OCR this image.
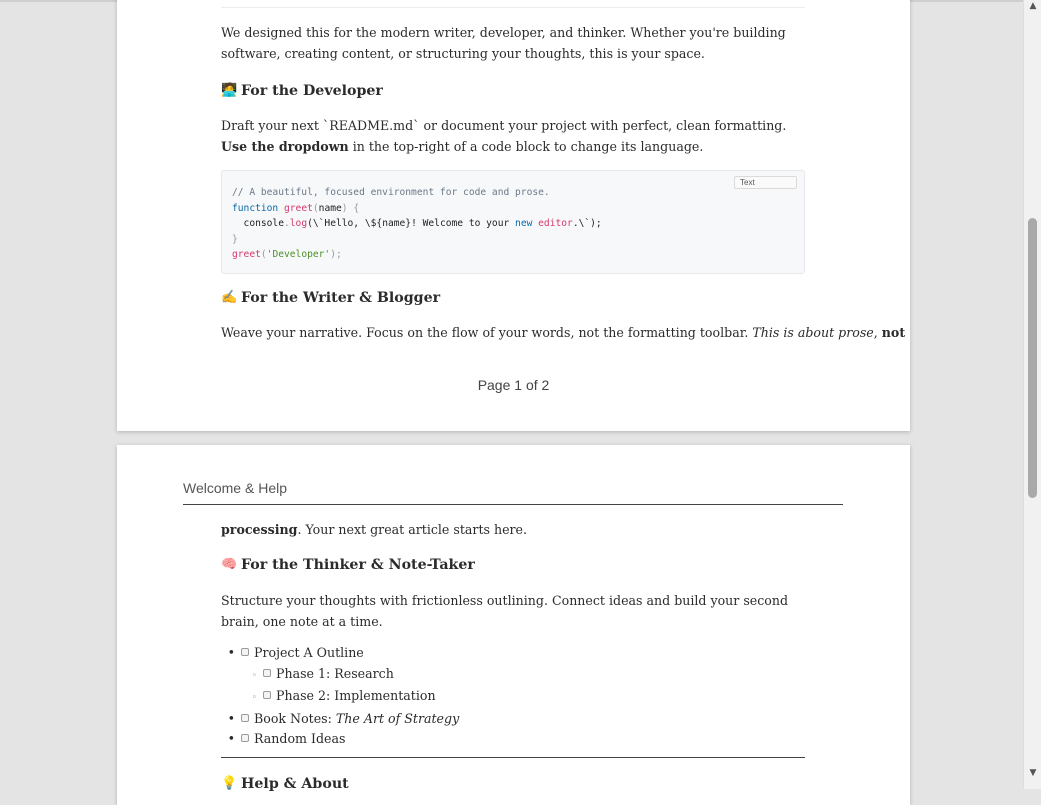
We designed this for the modern writer, developer, and thinker. Whether you're building software, creating content, or structuring your thoughts, this is your space.

🧑‍💻 For the Developer

Draft your next `README.md` or document your project with perfect, clean formatting. Use the dropdown in the top-right of a code block to change its language.

Text
// A beautiful, focused environment for code and prose.
function greet(name) {
console.log(\`Hello, \${name}! Welcome to your new editor.\`);
}
greet('Developer');
✍️ For the Writer & Blogger

Weave your narrative. Focus on the flow of your words, not the formatting toolbar. This is about prose, not

Page 1 of 2
Welcome & Help

processing. Your next great article starts here.

🧠 For the Thinker & Note-Taker

Structure your thoughts with frictionless outlining. Connect ideas and build your second brain, one note at a time.

• Project A Outline
◦ Phase 1: Research
◦ Phase 2: Implementation
• Book Notes: The Art of Strategy
• Random Ideas
💡 Help & About
▲
▼
